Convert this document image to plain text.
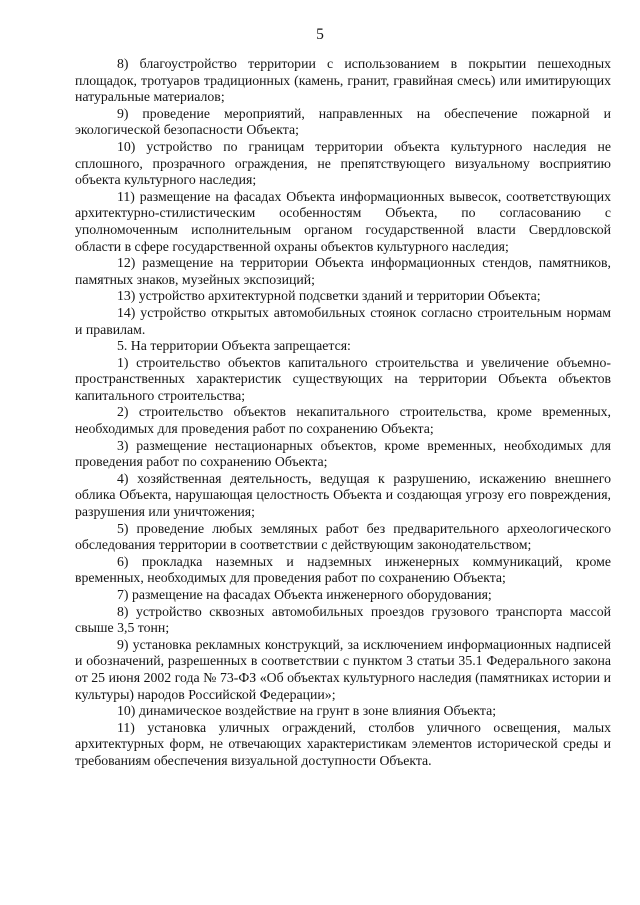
5

8) благоустройство территории с использованием в покрытии пешеходных площадок, тротуаров традиционных (камень, гранит, гравийная смесь) или имитирующих натуральные материалов;

9) проведение мероприятий, направленных на обеспечение пожарной и экологической безопасности Объекта;

10) устройство по границам территории объекта культурного наследия не сплошного, прозрачного ограждения, не препятствующего визуальному восприятию объекта культурного наследия;

11) размещение на фасадах Объекта информационных вывесок, соответствующих архитектурно-стилистическим особенностям Объекта, по согласованию с уполномоченным исполнительным органом государственной власти Свердловской области в сфере государственной охраны объектов культурного наследия;

12) размещение на территории Объекта информационных стендов, памятников, памятных знаков, музейных экспозиций;

13) устройство архитектурной подсветки зданий и территории Объекта;

14) устройство открытых автомобильных стоянок согласно строительным нормам и правилам.

5. На территории Объекта запрещается:

1) строительство объектов капитального строительства и увеличение объемно-пространственных характеристик существующих на территории Объекта объектов капитального строительства;

2) строительство объектов некапитального строительства, кроме временных, необходимых для проведения работ по сохранению Объекта;

3) размещение нестационарных объектов, кроме временных, необходимых для проведения работ по сохранению Объекта;

4) хозяйственная деятельность, ведущая к разрушению, искажению внешнего облика Объекта, нарушающая целостность Объекта и создающая угрозу его повреждения, разрушения или уничтожения;

5) проведение любых земляных работ без предварительного археологического обследования территории в соответствии с действующим законодательством;

6) прокладка наземных и надземных инженерных коммуникаций, кроме временных, необходимых для проведения работ по сохранению Объекта;

7) размещение на фасадах Объекта инженерного оборудования;

8) устройство сквозных автомобильных проездов грузового транспорта массой свыше 3,5 тонн;

9) установка рекламных конструкций, за исключением информационных надписей и обозначений, разрешенных в соответствии с пунктом 3 статьи 35.1 Федерального закона от 25 июня 2002 года № 73-ФЗ «Об объектах культурного наследия (памятниках истории и культуры) народов Российской Федерации»;

10) динамическое воздействие на грунт в зоне влияния Объекта;

11) установка уличных ограждений, столбов уличного освещения, малых архитектурных форм, не отвечающих характеристикам элементов исторической среды и требованиям обеспечения визуальной доступности Объекта.
